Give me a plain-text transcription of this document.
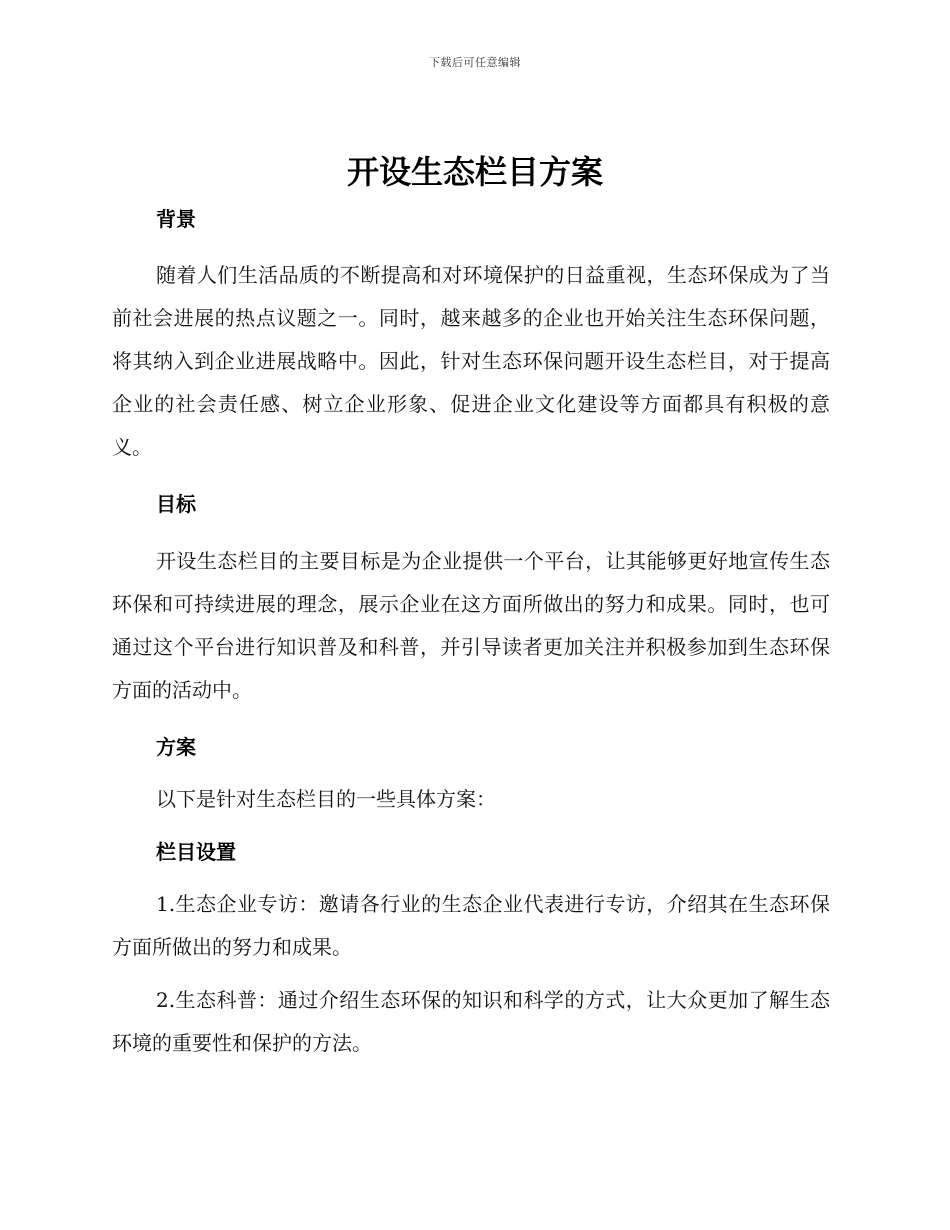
下载后可任意编辑
开设生态栏目方案
背景

随着人们生活品质的不断提高和对环境保护的日益重视，生态环保成为了当前社会进展的热点议题之一。同时，越来越多的企业也开始关注生态环保问题，将其纳入到企业进展战略中。因此，针对生态环保问题开设生态栏目，对于提高企业的社会责任感、树立企业形象、促进企业文化建设等方面都具有积极的意义。

目标

开设生态栏目的主要目标是为企业提供一个平台，让其能够更好地宣传生态环保和可持续进展的理念，展示企业在这方面所做出的努力和成果。同时，也可通过这个平台进行知识普及和科普，并引导读者更加关注并积极参加到生态环保方面的活动中。

方案

以下是针对生态栏目的一些具体方案：

栏目设置

1.生态企业专访：邀请各行业的生态企业代表进行专访，介绍其在生态环保方面所做出的努力和成果。

2.生态科普：通过介绍生态环保的知识和科学的方式，让大众更加了解生态环境的重要性和保护的方法。
